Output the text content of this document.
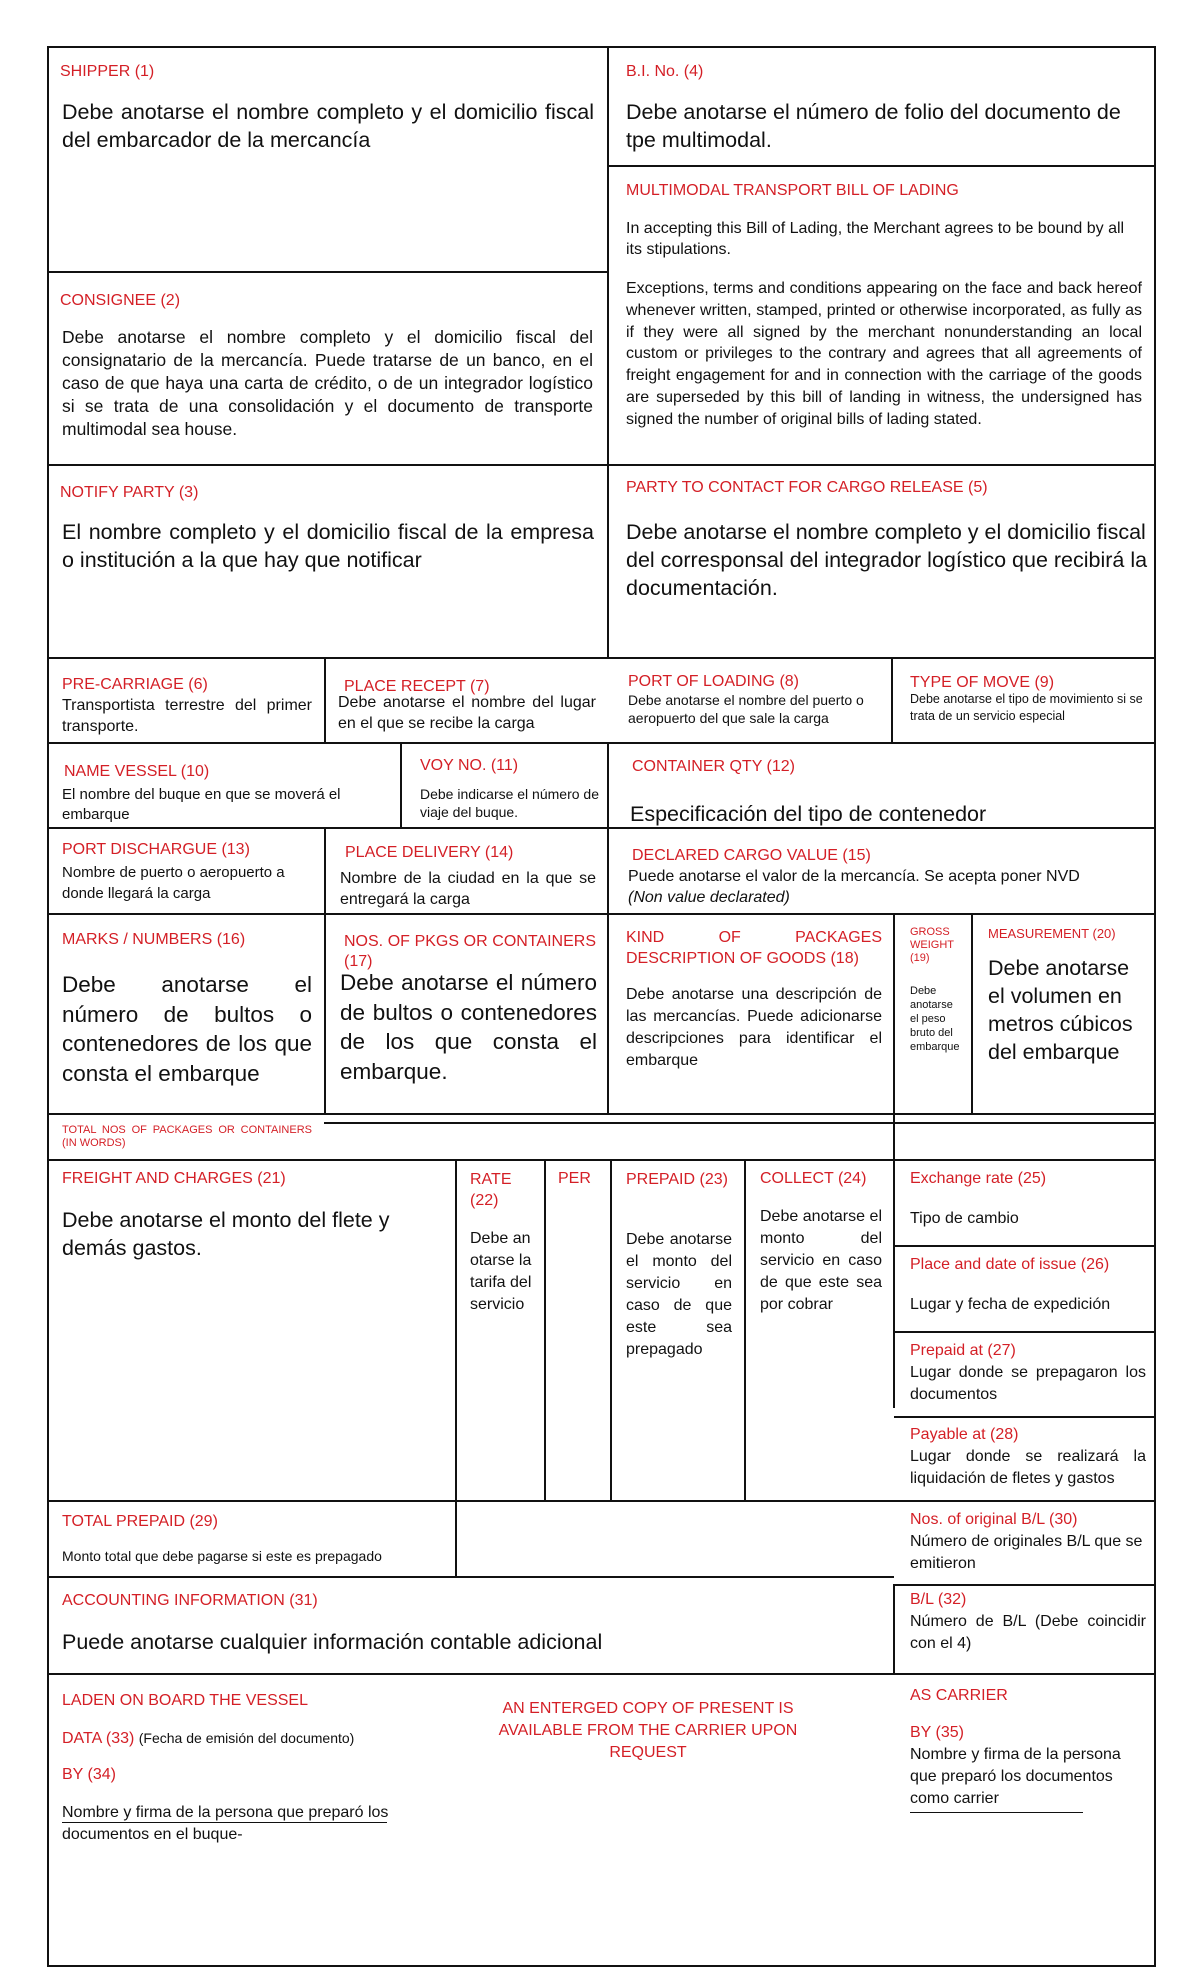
SHIPPER (1)
Debe anotarse el nombre completo y el domicilio fiscal del embarcador de la mercancía
B.I. No. (4)
Debe anotarse el número de folio del documento de tpe multimodal.
MULTIMODAL TRANSPORT BILL OF LADING
In accepting this Bill of Lading, the Merchant agrees to be bound by all its stipulations.
Exceptions, terms and conditions appearing on the face and back hereof whenever written, stamped, printed or otherwise incorporated, as fully as if they were all signed by the merchant nonunderstanding an local custom or privileges to the contrary and agrees that all agreements of freight engagement for and in connection with the carriage of the goods are superseded by this bill of landing in witness, the undersigned has signed the number of original bills of lading stated.
CONSIGNEE (2)
Debe anotarse el nombre completo y el domicilio fiscal del consignatario de la mercancía. Puede tratarse de un banco, en el caso de que haya una carta de crédito, o de un integrador logístico si se trata de una consolidación y el documento de transporte multimodal sea house.
NOTIFY PARTY (3)
El nombre completo y el domicilio fiscal de la empresa o institución a la que hay que notificar
PARTY TO CONTACT FOR CARGO RELEASE (5)
Debe anotarse el nombre completo y el domicilio fiscal del corresponsal del integrador logístico que recibirá la documentación.
PRE-CARRIAGE (6)
Transportista terrestre del primer transporte.
PLACE RECEPT (7)
Debe anotarse el nombre del lugar en el que se recibe la carga
PORT OF LOADING (8)
Debe anotarse el nombre del puerto o aeropuerto del que sale la carga
TYPE OF MOVE (9)
Debe anotarse el tipo de movimiento si se trata de un servicio especial
NAME VESSEL (10)
El nombre del buque en que se moverá el embarque
VOY NO. (11)
Debe indicarse el número de viaje del buque.
CONTAINER QTY (12)
Especificación del tipo de contenedor
PORT DISCHARGUE (13)
Nombre de puerto o aeropuerto a donde llegará la carga
PLACE DELIVERY (14)
Nombre de la ciudad en la que se entregará la carga
DECLARED CARGO VALUE (15)
Puede anotarse el valor de la mercancía. Se acepta poner NVD
(Non value declarated)
MARKS / NUMBERS (16)
Debe anotarse el número de bultos o contenedores de los que consta el embarque
NOS. OF PKGS OR CONTAINERS (17)
Debe anotarse el número de bultos o contenedores de los que consta el embarque.
KIND OF PACKAGES DESCRIPTION OF GOODS (18)
Debe anotarse una descripción de las mercancías. Puede adicionarse descripciones para identificar el embarque
GROSS WEIGHT (19)
Debe anotarse el peso bruto del embarque
MEASUREMENT (20)
Debe anotarse el volumen en metros cúbicos del embarque
TOTAL NOS OF PACKAGES OR CONTAINERS (IN WORDS)
FREIGHT AND CHARGES (21)
Debe anotarse el monto del flete y demás gastos.
RATE (22)
Debe anotarse la tarifa del servicio
PER PREPAID (23)
Debe anotarse el monto del servicio en caso de que este sea prepagado
COLLECT (24)
Debe anotarse el monto del servicio en caso de que este sea por cobrar
Exchange rate (25)
Tipo de cambio
Place and date of issue (26)
Lugar y fecha de expedición
Prepaid at (27)
Lugar donde se prepagaron los documentos
Payable at (28)
Lugar donde se realizará la liquidación de fletes y gastos
TOTAL PREPAID (29)
Monto total que debe pagarse si este es prepagado
Nos. of original B/L (30)
Número de originales B/L que se emitieron
ACCOUNTING INFORMATION (31)
Puede anotarse cualquier información contable adicional
B/L (32)
Número de B/L (Debe coincidir con el 4)
LADEN ON BOARD THE VESSEL
DATA (33) (Fecha de emisión del documento)
BY (34)
Nombre y firma de la persona que preparó los documentos en el buque-
AN ENTERGED COPY OF PRESENT IS AVAILABLE FROM THE CARRIER UPON REQUEST
AS CARRIER
BY (35)
Nombre y firma de la persona que preparó los documentos como carrier
